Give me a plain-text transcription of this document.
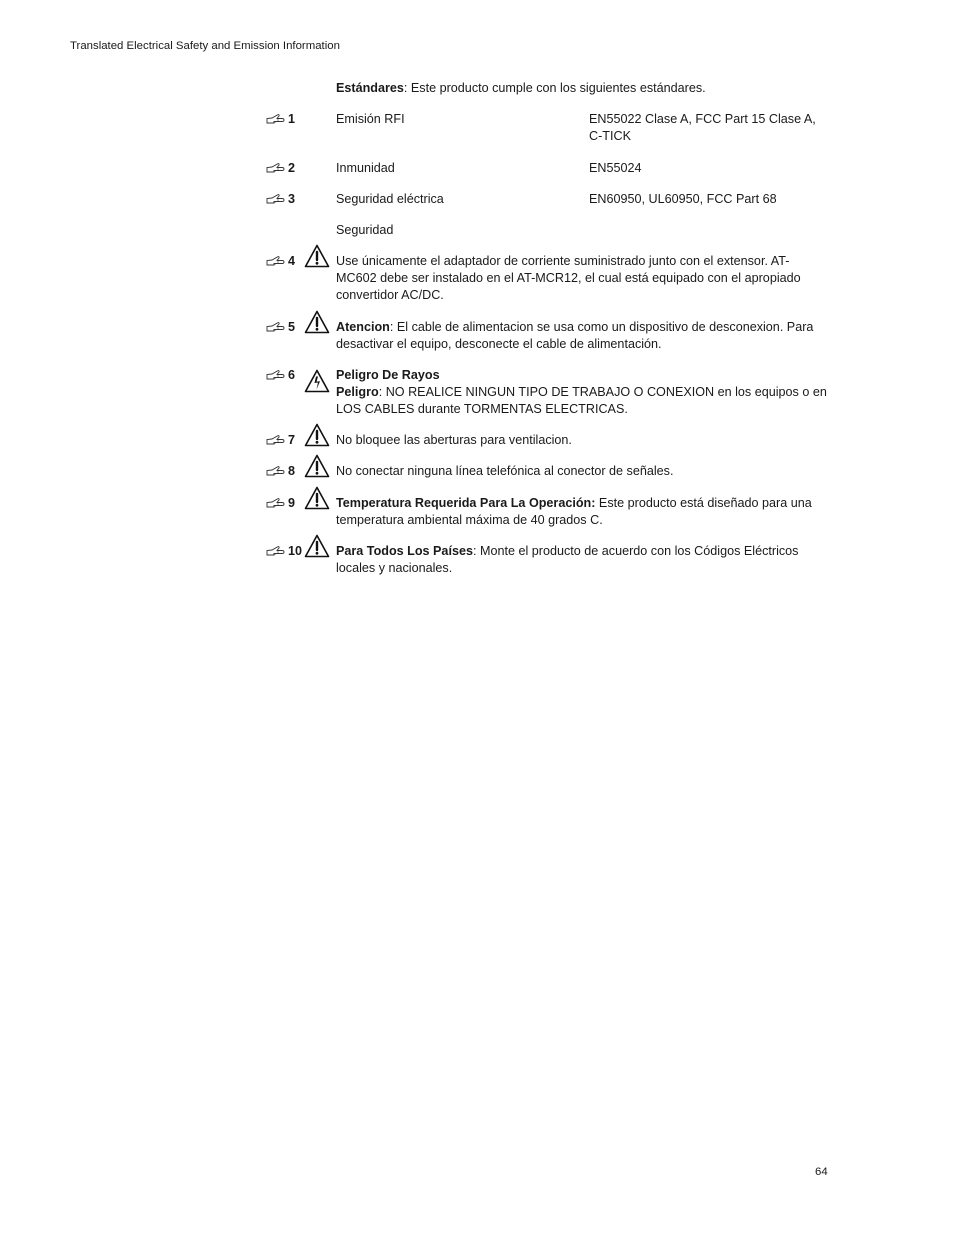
Translated Electrical Safety and Emission Information
Estándares: Este producto cumple con los siguientes estándares.
1	Emisión RFI	EN55022 Clase A, FCC Part 15 Clase A,
C-TICK
2	Inmunidad	EN55024
3	Seguridad eléctrica	EN60950, UL60950, FCC Part 68
Seguridad
4	Use únicamente el adaptador de corriente suministrado junto con el extensor. AT-MC602 debe ser instalado en el AT-MCR12, el cual está equipado con el apropiado convertidor AC/DC.
5	Atencion: El cable de alimentacion se usa como un dispositivo de desconexion. Para desactivar el equipo, desconecte el cable de alimentación.
6	Peligro De Rayos
Peligro: NO REALICE NINGUN TIPO DE TRABAJO O CONEXION en los equipos o en LOS CABLES durante TORMENTAS ELECTRICAS.
7	No bloquee las aberturas para ventilacion.
8	No conectar ninguna línea telefónica al conector de señales.
9	Temperatura Requerida Para La Operación: Este producto está diseñado para una temperatura ambiental máxima de 40 grados C.
10	Para Todos Los Países: Monte el producto de acuerdo con los Códigos Eléctricos locales y nacionales.
64
